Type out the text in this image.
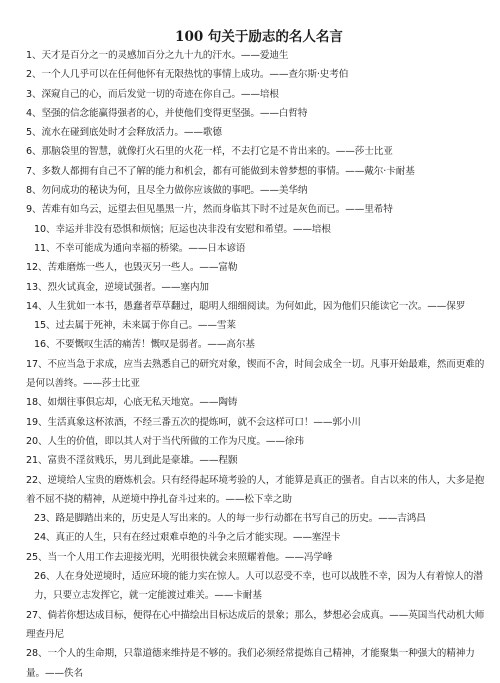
100 句关于励志的名人名言
1、天才是百分之一的灵感加百分之九十九的汗水。——爱迪生
2、一个人几乎可以在任何他怀有无限热忱的事情上成功。——查尔斯·史考伯
3、深窥自己的心，而后发觉一切的奇迹在你自己。——培根
4、坚强的信念能赢得强者的心，并使他们变得更坚强。——白哲特
5、流水在碰到底处时才会释放活力。——歌德
6、那脑袋里的智慧，就像打火石里的火花一样，不去打它是不肯出来的。——莎士比亚
7、多数人都拥有自己不了解的能力和机会，都有可能做到未曾梦想的事情。——戴尔·卡耐基
8、勿问成功的秘诀为何，且尽全力做你应该做的事吧。——美华纳
9、苦难有如乌云，远望去但见墨黑一片，然而身临其下时不过是灰色而已。——里希特
10、幸运并非没有恐惧和烦恼；厄运也决非没有安慰和希望。——培根
11、不幸可能成为通向幸福的桥梁。——日本谚语
12、苦难磨炼一些人，也毁灭另一些人。——富勒
13、烈火试真金，逆境试强者。——塞内加
14、人生犹如一本书，愚蠢者草草翻过，聪明人细细阅读。为何如此，因为他们只能读它一次。——保罗
15、过去属于死神，未来属于你自己。——雪莱
16、不要慨叹生活的痛苦！慨叹是弱者。——高尔基
17、不应当急于求成，应当去熟悉自己的研究对象，锲而不舍，时间会成全一切。凡事开始最难，然而更难的是何以善终。——莎士比亚
18、如烟往事俱忘却，心底无私天地宽。——陶铸
19、生活真象这杯浓酒，不经三番五次的提炼呵，就不会这样可口！——郭小川
20、人生的价值，即以其人对于当代所做的工作为尺度。——徐玮
21、富贵不淫贫贱乐，男儿到此是豪雄。——程颢
22、逆境给人宝贵的磨炼机会。只有经得起环境考验的人，才能算是真正的强者。自古以来的伟人，大多是抱着不屈不挠的精神，从逆境中挣扎奋斗过来的。——松下幸之助
23、路是脚踏出来的，历史是人写出来的。人的每一步行动都在书写自己的历史。——吉鸿昌
24、真正的人生，只有在经过艰难卓绝的斗争之后才能实现。——塞涅卡
25、当一个人用工作去迎接光明，光明很快就会来照耀着他。——冯学峰
26、人在身处逆境时，适应环境的能力实在惊人。人可以忍受不幸，也可以战胜不幸，因为人有着惊人的潜力，只要立志发挥它，就一定能渡过难关。——卡耐基
27、倘若你想达成目标，便得在心中描绘出目标达成后的景象；那么，梦想必会成真。——英国当代动机大师 理查丹尼
28、一个人的生命期，只靠道德来维持是不够的。我们必须经常提炼自己精神，才能聚集一种强大的精神力量。——佚名
